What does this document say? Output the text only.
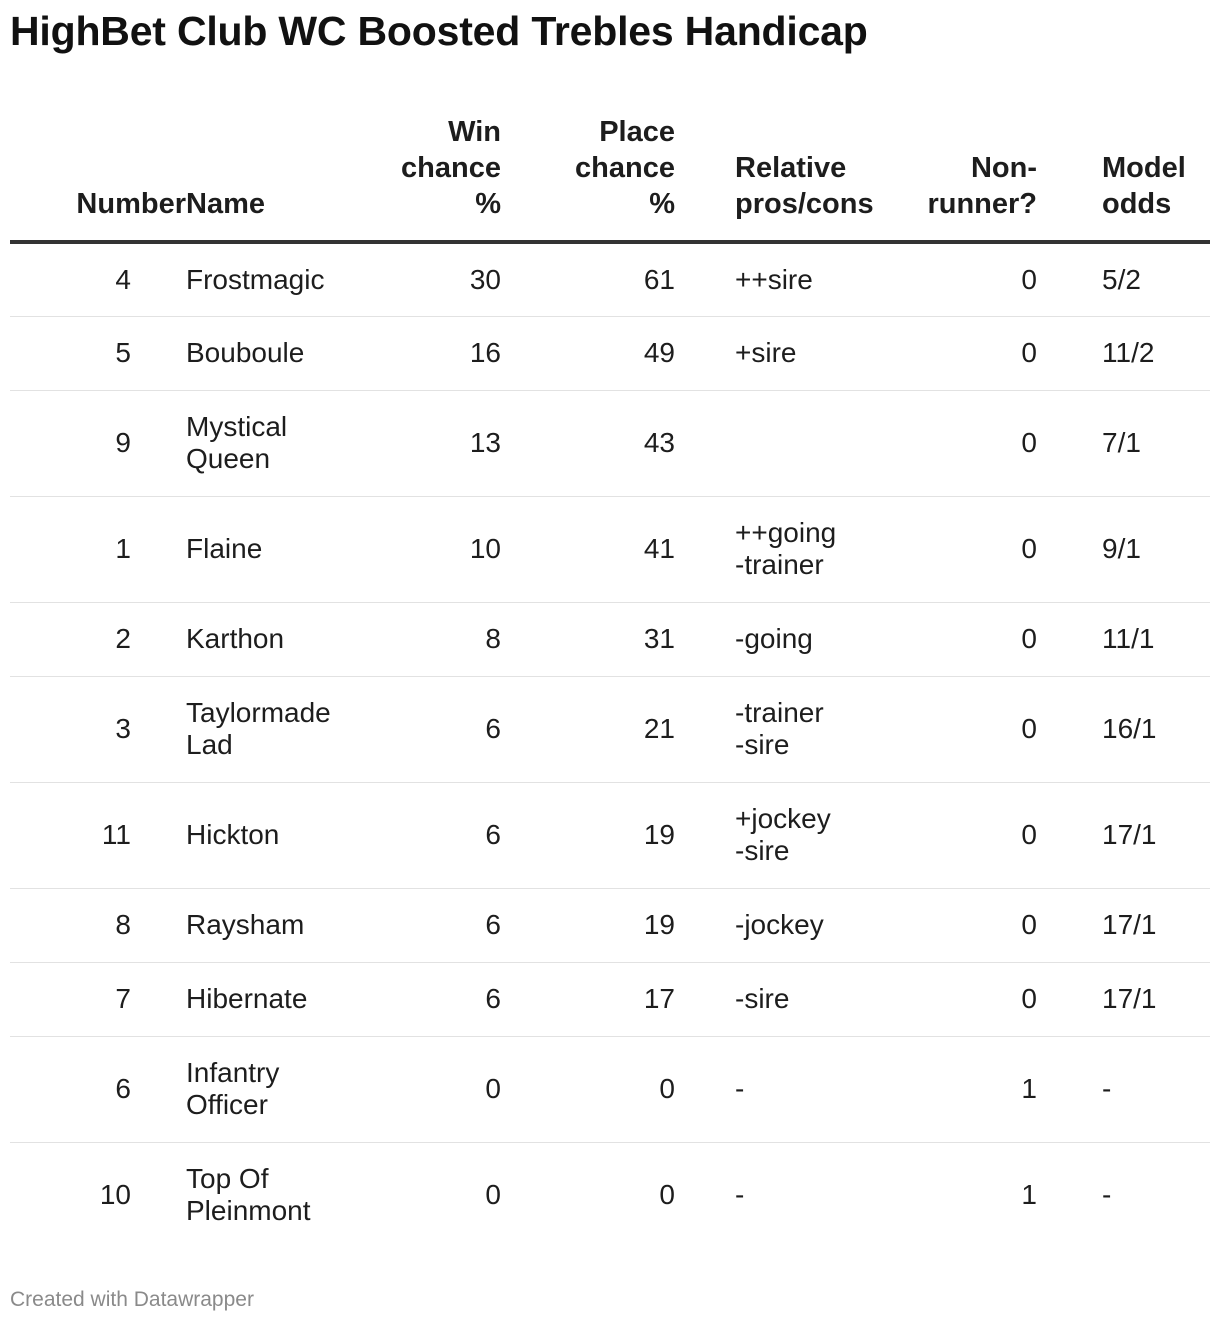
HighBet Club WC Boosted Trebles Handicap
Number	Name	Win
chance
%	Place
chance
%	Relative
pros/cons	Non-
runner?	Model
odds

4	Frostmagic	30	61	++sire	0	5/2
5	Bouboule	16	49	+sire	0	11/2
9	Mystical
Queen	13	43		0	7/1
1	Flaine	10	41	++going
-trainer	0	9/1
2	Karthon	8	31	-going	0	11/1
3	Taylormade
Lad	6	21	-trainer
-sire	0	16/1
11	Hickton	6	19	+jockey
-sire	0	17/1
8	Raysham	6	19	-jockey	0	17/1
7	Hibernate	6	17	-sire	0	17/1
6	Infantry
Officer	0	0	-	1	-
10	Top Of
Pleinmont	0	0	-	1	-
Created with Datawrapper
